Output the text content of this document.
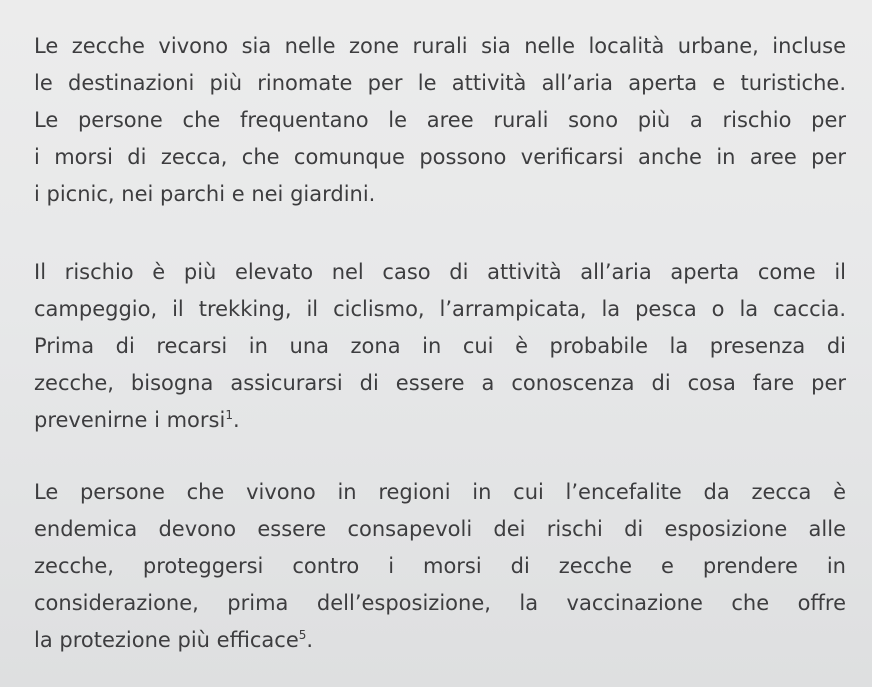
Le zecche vivono sia nelle zone rurali sia nelle località urbane, incluse
le destinazioni più rinomate per le attività all’aria aperta e turistiche.
Le persone che frequentano le aree rurali sono più a rischio per
i morsi di zecca, che comunque possono verificarsi anche in aree per
i picnic, nei parchi e nei giardini.
Il rischio è più elevato nel caso di attività all’aria aperta come il
campeggio, il trekking, il ciclismo, l’arrampicata, la pesca o la caccia.
Prima di recarsi in una zona in cui è probabile la presenza di
zecche, bisogna assicurarsi di essere a conoscenza di cosa fare per
prevenirne i morsi$^1$.
Le persone che vivono in regioni in cui l’encefalite da zecca è
endemica devono essere consapevoli dei rischi di esposizione alle
zecche, proteggersi contro i morsi di zecche e prendere in
considerazione, prima dell’esposizione, la vaccinazione che offre
la protezione più efficace$^5$.
